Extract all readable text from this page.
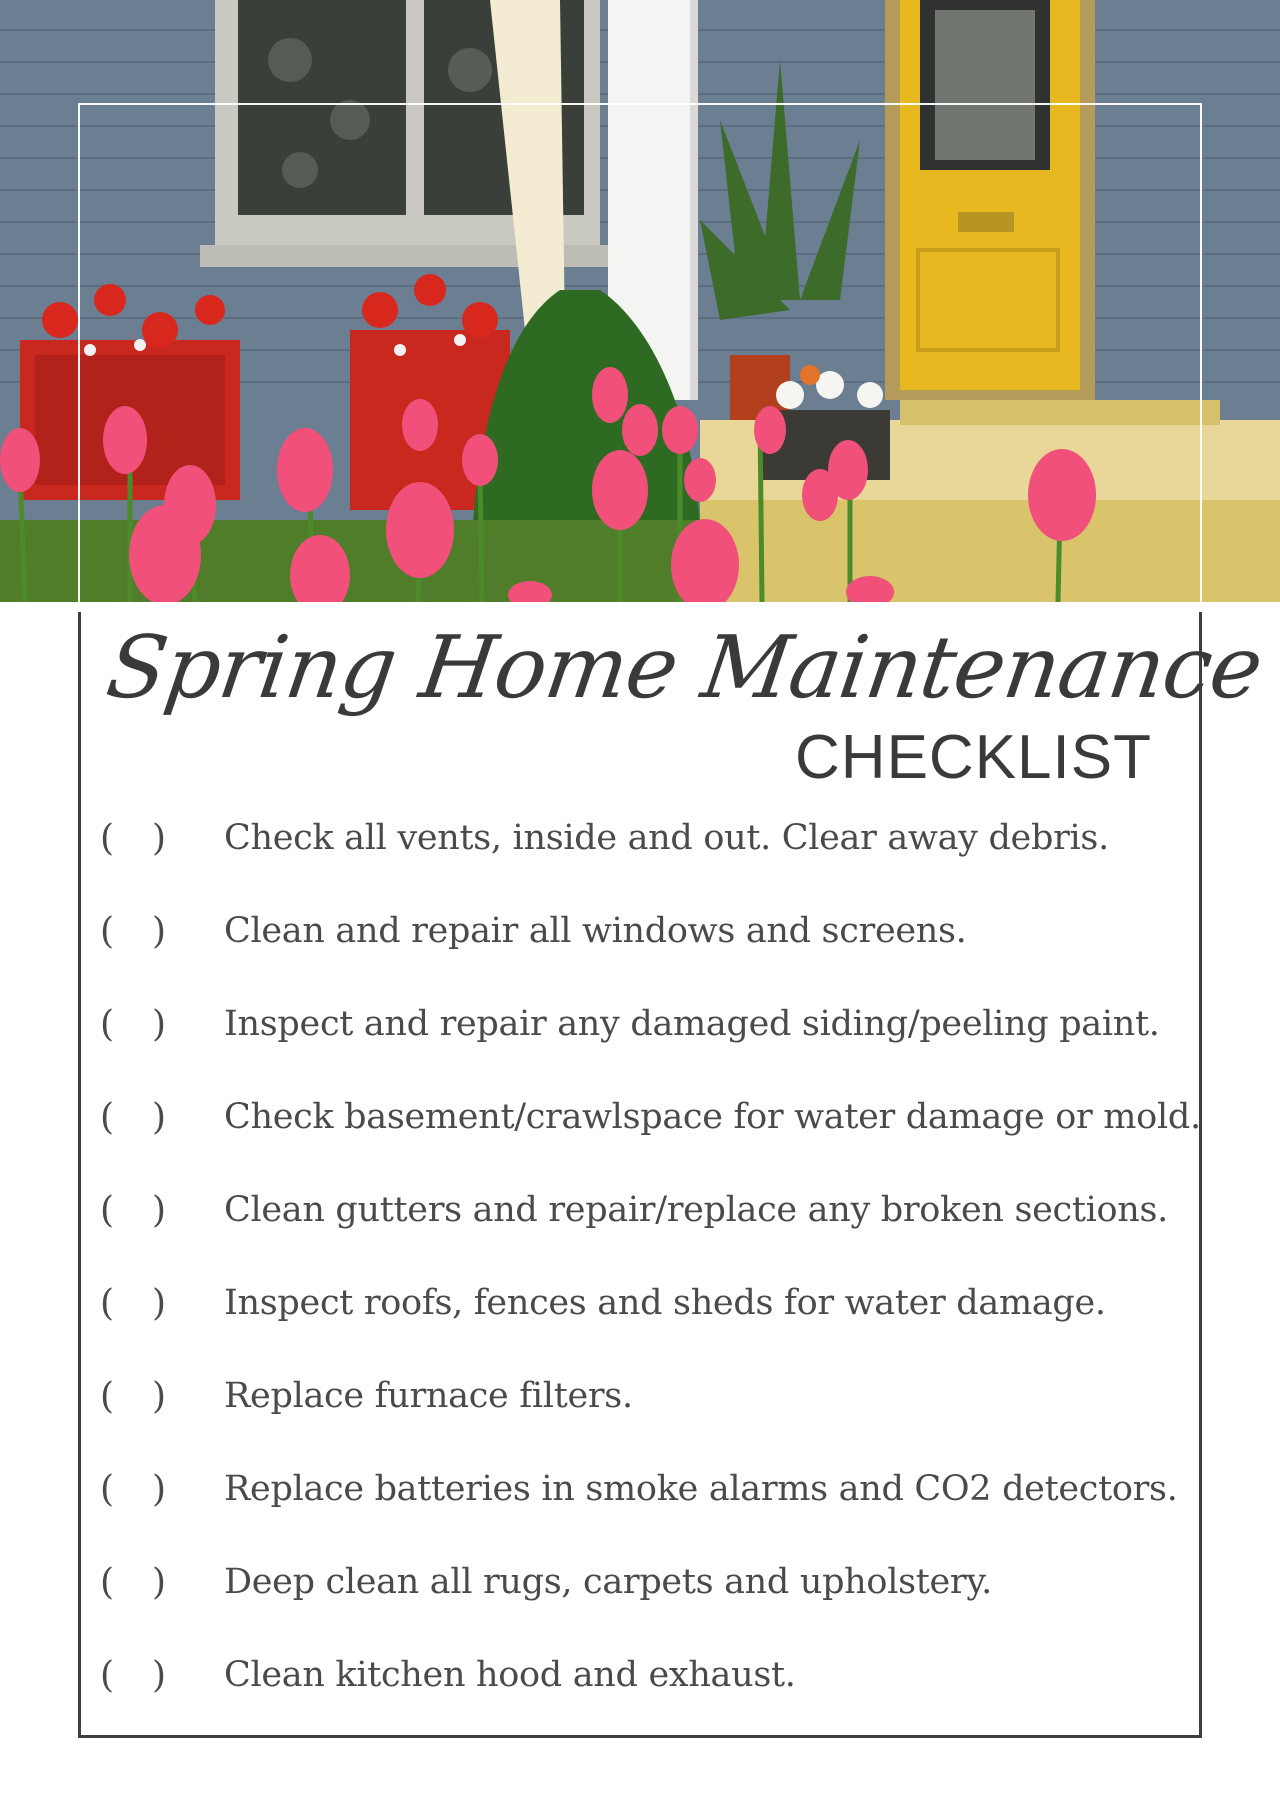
Spring Home Maintenance
CHECKLIST
( ) Check all vents, inside and out. Clear away debris.
( ) Clean and repair all windows and screens.
( ) Inspect and repair any damaged siding/peeling paint.
( ) Check basement/crawlspace for water damage or mold.
( ) Clean gutters and repair/replace any broken sections.
( ) Inspect roofs, fences and sheds for water damage.
( ) Replace furnace filters.
( ) Replace batteries in smoke alarms and CO2 detectors.
( ) Deep clean all rugs, carpets and upholstery.
( ) Clean kitchen hood and exhaust.
